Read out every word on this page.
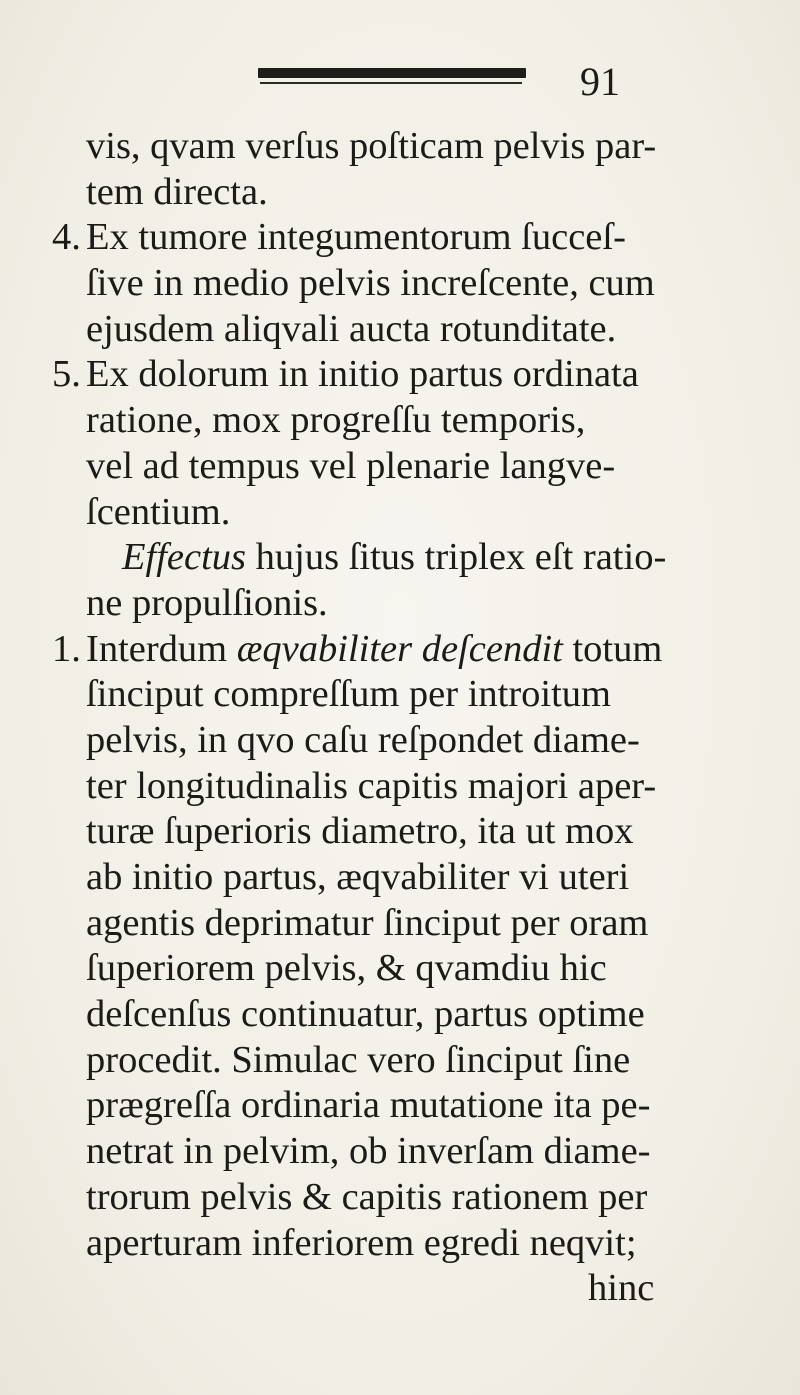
91
vis, qvam verſus poſticam pelvis par-
tem directa.
4. Ex tumore integumentorum ſucceſ-
ſive in medio pelvis increſcente, cum
ejusdem aliqvali aucta rotunditate.
5. Ex dolorum in initio partus ordinata
ratione, mox progreſſu temporis,
vel ad tempus vel plenarie langve-
ſcentium.
Effectus hujus ſitus triplex eſt ratio-
ne propulſionis.
1. Interdum æqvabiliter deſcendit totum
ſinciput compreſſum per introitum
pelvis, in qvo caſu reſpondet diame-
ter longitudinalis capitis majori aper-
turæ ſuperioris diametro, ita ut mox
ab initio partus, æqvabiliter vi uteri
agentis deprimatur ſinciput per oram
ſuperiorem pelvis, & qvamdiu hic
deſcenſus continuatur, partus optime
procedit. Simulac vero ſinciput ſine
prægreſſa ordinaria mutatione ita pe-
netrat in pelvim, ob inverſam diame-
trorum pelvis & capitis rationem per
aperturam inferiorem egredi neqvit;
hinc
